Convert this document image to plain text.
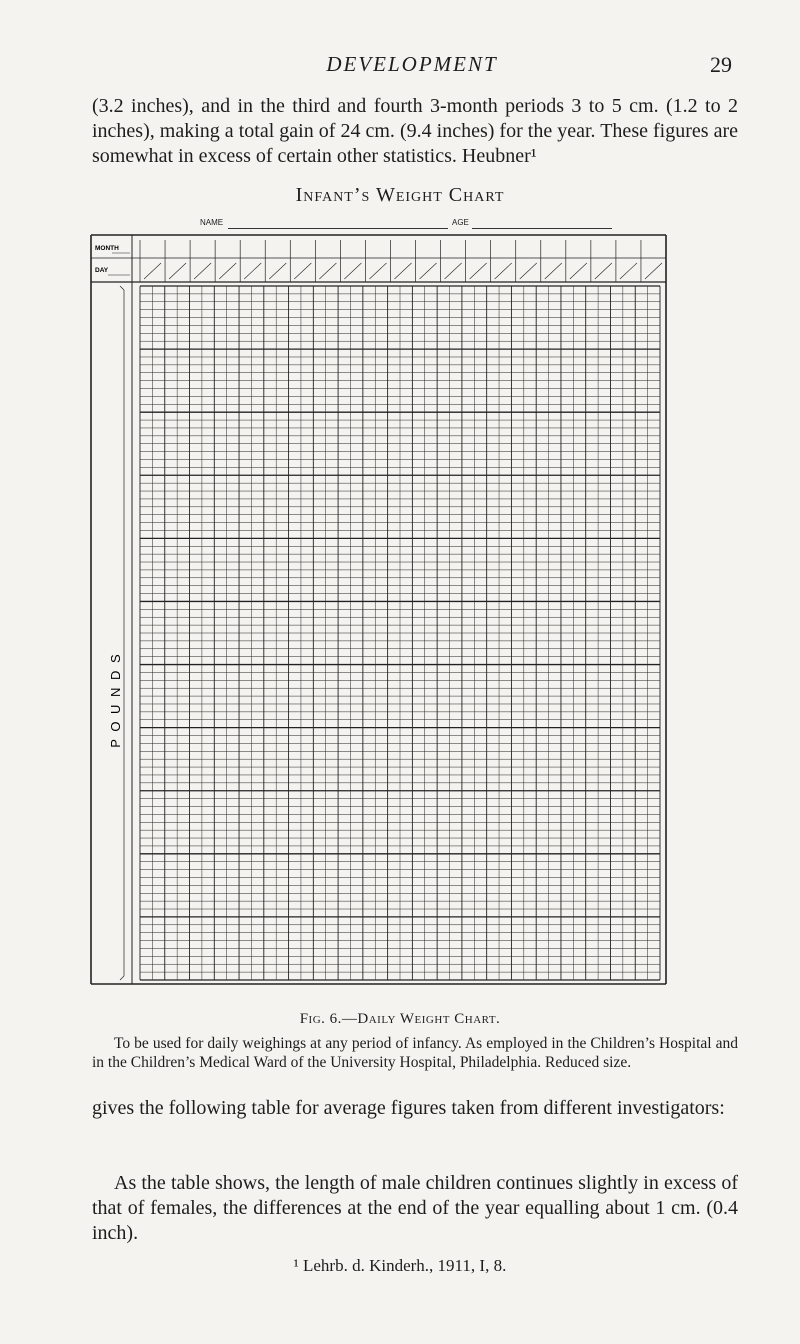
DEVELOPMENT	29

(3.2 inches), and in the third and fourth 3-month periods 3 to 5 cm. (1.2 to 2 inches), making a total gain of 24 cm. (9.4 inches) for the year. These figures are somewhat in excess of certain other statistics. Heubner¹

Infant’s Weight Chart
NAME	AGE
MONTH
DAY
P O U N D S
Fig. 6.—Daily Weight Chart.

To be used for daily weighings at any period of infancy. As employed in the Children’s Hospital and in the Children’s Medical Ward of the University Hospital, Philadelphia. Reduced size.

gives the following table for average figures taken from different investigators:

As the table shows, the length of male children continues slightly in excess of that of females, the differences at the end of the year equalling about 1 cm. (0.4 inch).

¹ Lehrb. d. Kinderh., 1911, I, 8.
